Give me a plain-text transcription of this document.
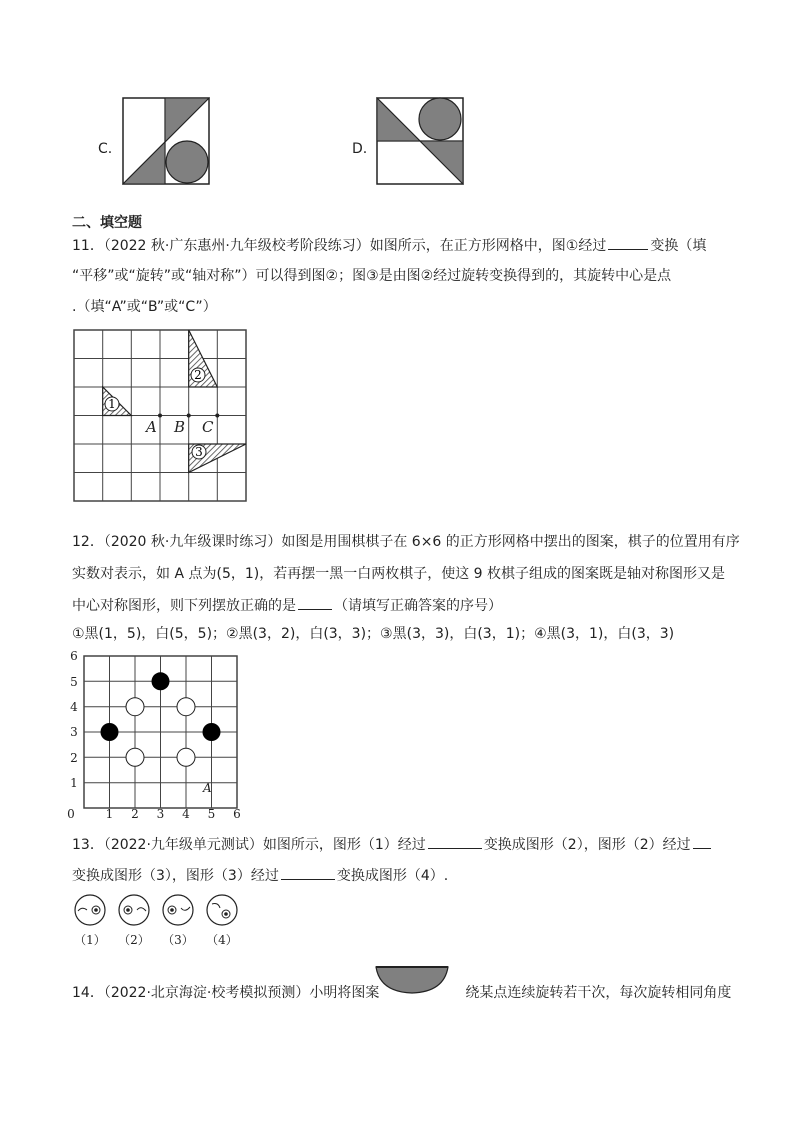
C.	D.
二、填空题
11．（2022 秋·广东惠州·九年级校考阶段练习）如图所示，在正方形网格中，图①经过	变换（填
“平移”或“旋转”或“轴对称”）可以得到图②；图③是由图②经过旋转变换得到的，其旋转中心是点
.（填“A”或“B”或“C”）
1
2
3
A B C
12．（2020 秋·九年级课时练习）如图是用围棋棋子在 6×6 的正方形网格中摆出的图案，棋子的位置用有序
实数对表示，如 A 点为(5，1)，若再摆一黑一白两枚棋子，使这 9 枚棋子组成的图案既是轴对称图形又是
中心对称图形，则下列摆放正确的是	（请填写正确答案的序号）
①黑(1，5)，白(5，5)；②黑(3，2)，白(3，3)；③黑(3，3)，白(3，1)；④黑(3，1)，白(3，3)
6
5
4
3
2
1
0	1 2 3 4 5 6
A
13．（2022·九年级单元测试）如图所示，图形（1）经过	变换成图形（2），图形（2）经过
变换成图形（3），图形（3）经过	变换成图形（4）.
（1） （2） （3） （4）
14．（2022·北京海淀·校考模拟预测）小明将图案	绕某点连续旋转若干次，每次旋转相同角度
